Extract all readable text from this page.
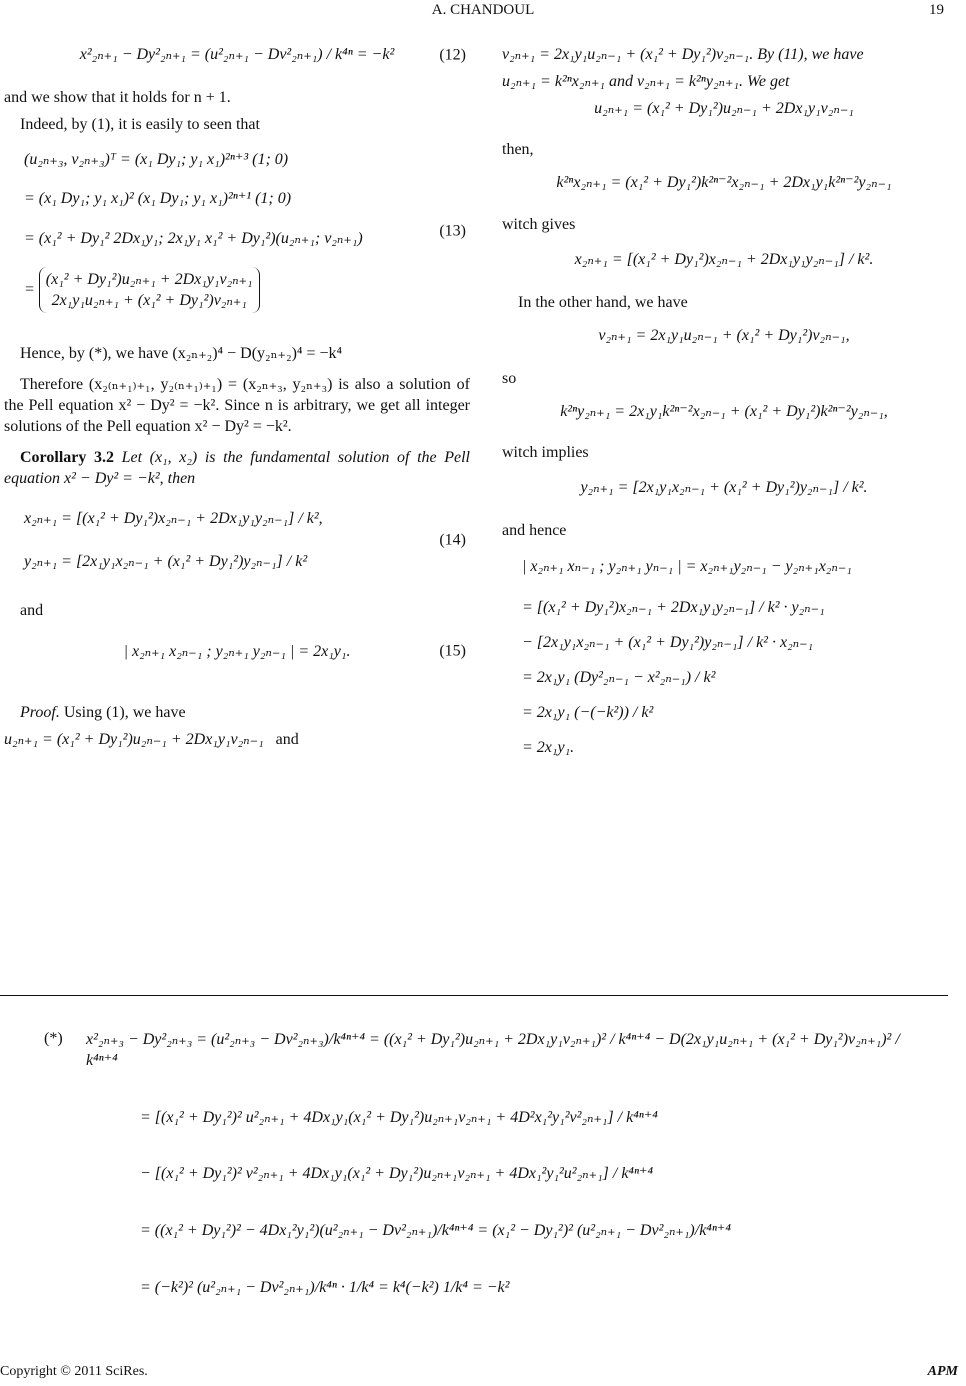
A. CHANDOUL	19
x²₂ₙ₊₁ − Dy²₂ₙ₊₁ = (u²₂ₙ₊₁ − Dv²₂ₙ₊₁) / k⁴ⁿ = −k²	(12)

and we show that it holds for n + 1.

Indeed, by (1), it is easily to seen that

(u₂ₙ₊₃, v₂ₙ₊₃)ᵀ = (x₁ Dy₁; y₁ x₁)²ⁿ⁺³ (1; 0)
= (x₁ Dy₁; y₁ x₁)² (x₁ Dy₁; y₁ x₁)²ⁿ⁺¹ (1; 0)
= (x₁² + Dy₁² 2Dx₁y₁; 2x₁y₁ x₁² + Dy₁²)(u₂ₙ₊₁; v₂ₙ₊₁)
=
(x₁² + Dy₁²)u₂ₙ₊₁ + 2Dx₁y₁v₂ₙ₊₁
2x₁y₁u₂ₙ₊₁ + (x₁² + Dy₁²)v₂ₙ₊₁
(13)

Hence, by (*), we have (x₂ₙ₊₂)⁴ − D(y₂ₙ₊₂)⁴ = −k⁴

Therefore (x₂₍ₙ₊₁₎₊₁, y₂₍ₙ₊₁₎₊₁) = (x₂ₙ₊₃, y₂ₙ₊₃) is also a solution of the Pell equation x² − Dy² = −k². Since n is arbitrary, we get all integer solutions of the Pell equation x² − Dy² = −k².

Corollary 3.2 Let (x₁, x₂) is the fundamental solution of the Pell equation x² − Dy² = −k², then

x₂ₙ₊₁ = [(x₁² + Dy₁²)x₂ₙ₋₁ + 2Dx₁y₁y₂ₙ₋₁] / k²,
y₂ₙ₊₁ = [2x₁y₁x₂ₙ₋₁ + (x₁² + Dy₁²)y₂ₙ₋₁] / k²
(14)

and

| x₂ₙ₊₁ x₂ₙ₋₁ ; y₂ₙ₊₁ y₂ₙ₋₁ | = 2x₁y₁.	(15)

Proof. Using (1), we have

u₂ₙ₊₁ = (x₁² + Dy₁²)u₂ₙ₋₁ + 2Dx₁y₁v₂ₙ₋₁ and

v₂ₙ₊₁ = 2x₁y₁u₂ₙ₋₁ + (x₁² + Dy₁²)v₂ₙ₋₁. By (11), we have

u₂ₙ₊₁ = k²ⁿx₂ₙ₊₁ and v₂ₙ₊₁ = k²ⁿy₂ₙ₊₁. We get

u₂ₙ₊₁ = (x₁² + Dy₁²)u₂ₙ₋₁ + 2Dx₁y₁v₂ₙ₋₁

then,

k²ⁿx₂ₙ₊₁ = (x₁² + Dy₁²)k²ⁿ⁻²x₂ₙ₋₁ + 2Dx₁y₁k²ⁿ⁻²y₂ₙ₋₁

witch gives

x₂ₙ₊₁ = [(x₁² + Dy₁²)x₂ₙ₋₁ + 2Dx₁y₁y₂ₙ₋₁] / k².

In the other hand, we have

v₂ₙ₊₁ = 2x₁y₁u₂ₙ₋₁ + (x₁² + Dy₁²)v₂ₙ₋₁,

so

k²ⁿy₂ₙ₊₁ = 2x₁y₁k²ⁿ⁻²x₂ₙ₋₁ + (x₁² + Dy₁²)k²ⁿ⁻²y₂ₙ₋₁,

witch implies

y₂ₙ₊₁ = [2x₁y₁x₂ₙ₋₁ + (x₁² + Dy₁²)y₂ₙ₋₁] / k².

and hence

| x₂ₙ₊₁ xₙ₋₁ ; y₂ₙ₊₁ yₙ₋₁ | = x₂ₙ₊₁y₂ₙ₋₁ − y₂ₙ₊₁x₂ₙ₋₁
= [(x₁² + Dy₁²)x₂ₙ₋₁ + 2Dx₁y₁y₂ₙ₋₁] / k² · y₂ₙ₋₁
− [2x₁y₁x₂ₙ₋₁ + (x₁² + Dy₁²)y₂ₙ₋₁] / k² · x₂ₙ₋₁
= 2x₁y₁ (Dy²₂ₙ₋₁ − x²₂ₙ₋₁) / k²
= 2x₁y₁ (−(−k²)) / k²
= 2x₁y₁.
(*)	x²₂ₙ₊₃ − Dy²₂ₙ₊₃ = (u²₂ₙ₊₃ − Dv²₂ₙ₊₃)/k⁴ⁿ⁺⁴ = ((x₁² + Dy₁²)u₂ₙ₊₁ + 2Dx₁y₁v₂ₙ₊₁)² / k⁴ⁿ⁺⁴ − D(2x₁y₁u₂ₙ₊₁ + (x₁² + Dy₁²)v₂ₙ₊₁)² / k⁴ⁿ⁺⁴
= [(x₁² + Dy₁²)² u²₂ₙ₊₁ + 4Dx₁y₁(x₁² + Dy₁²)u₂ₙ₊₁v₂ₙ₊₁ + 4D²x₁²y₁²v²₂ₙ₊₁] / k⁴ⁿ⁺⁴
− [(x₁² + Dy₁²)² v²₂ₙ₊₁ + 4Dx₁y₁(x₁² + Dy₁²)u₂ₙ₊₁v₂ₙ₊₁ + 4Dx₁²y₁²u²₂ₙ₊₁] / k⁴ⁿ⁺⁴
= ((x₁² + Dy₁²)² − 4Dx₁²y₁²)(u²₂ₙ₊₁ − Dv²₂ₙ₊₁)/k⁴ⁿ⁺⁴ = (x₁² − Dy₁²)² (u²₂ₙ₊₁ − Dv²₂ₙ₊₁)/k⁴ⁿ⁺⁴
= (−k²)² (u²₂ₙ₊₁ − Dv²₂ₙ₊₁)/k⁴ⁿ · 1/k⁴ = k⁴(−k²) 1/k⁴ = −k²
Copyright © 2011 SciRes.	APM
